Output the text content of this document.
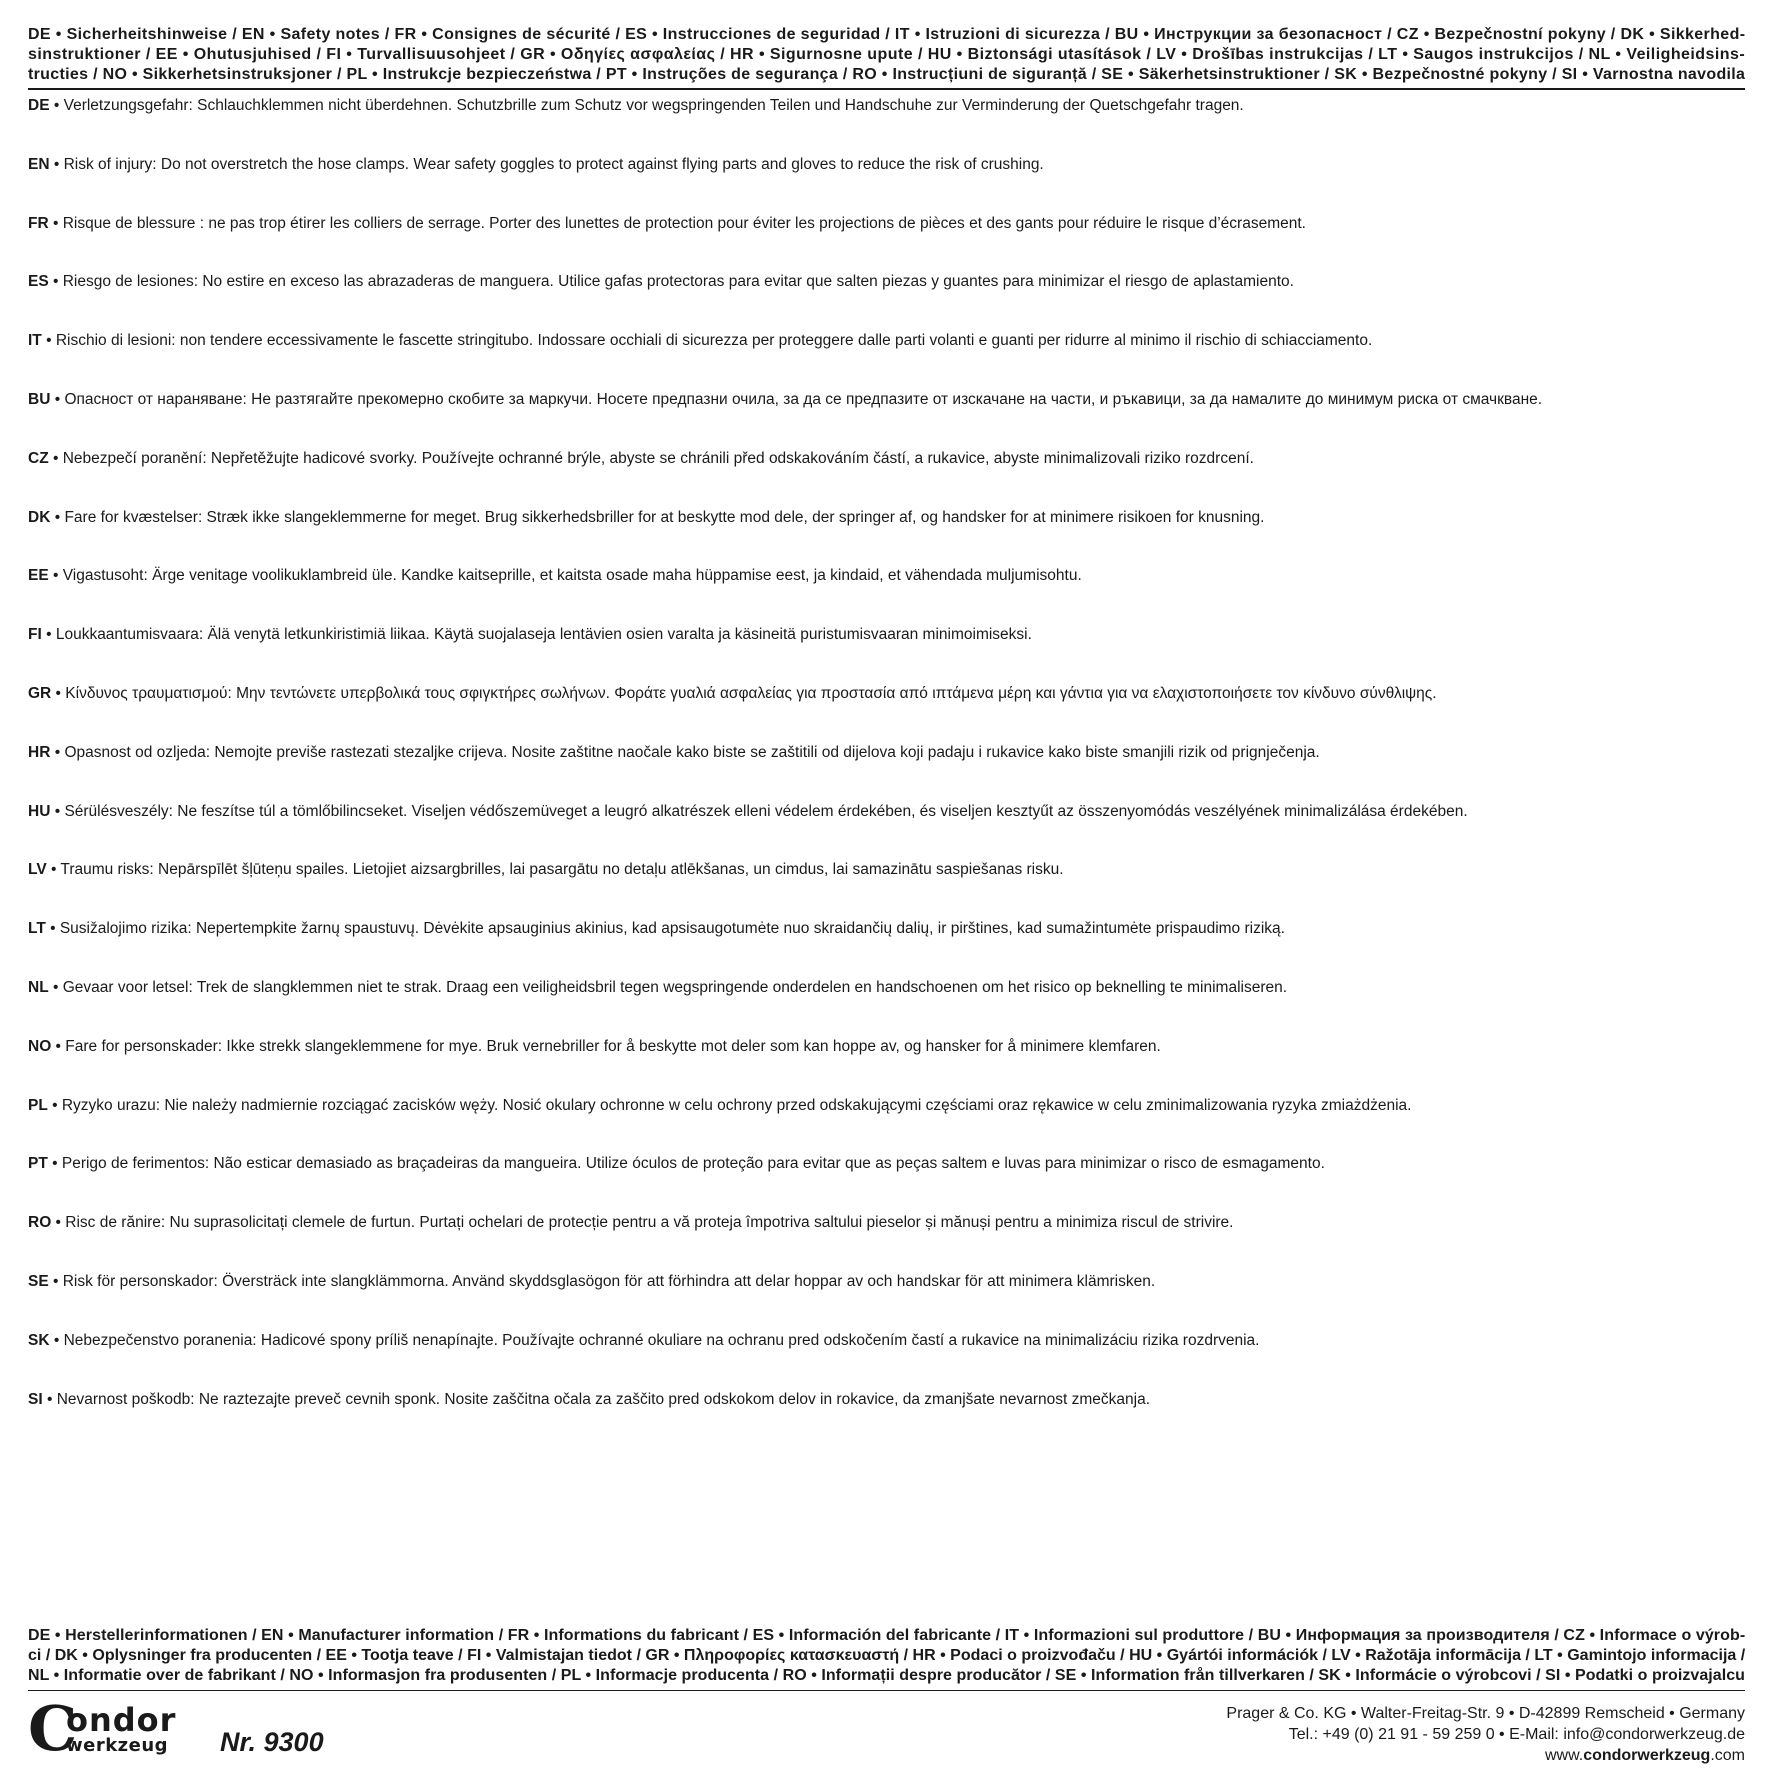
DE • Sicherheitshinweise / EN • Safety notes / FR • Consignes de sécurité / ES • Instrucciones de seguridad / IT • Istruzioni di sicurezza / BU • Инструкции за безопасност / CZ • Bezpečnostní pokyny / DK • Sikkerhed-
sinstruktioner / EE • Ohutusjuhised / FI • Turvallisuusohjeet / GR • Οδηγίες ασφαλείας / HR • Sigurnosne upute / HU • Biztonsági utasítások / LV • Drošības instrukcijas / LT • Saugos instrukcijos / NL • Veiligheidsins-
tructies / NO • Sikkerhetsinstruksjoner / PL • Instrukcje bezpieczeństwa / PT • Instruções de segurança / RO • Instrucțiuni de siguranță / SE • Säkerhetsinstruktioner / SK • Bezpečnostné pokyny / SI • Varnostna navodila
DE • Verletzungsgefahr: Schlauchklemmen nicht überdehnen. Schutzbrille zum Schutz vor wegspringenden Teilen und Handschuhe zur Verminderung der Quetschgefahr tragen.
EN • Risk of injury: Do not overstretch the hose clamps. Wear safety goggles to protect against flying parts and gloves to reduce the risk of crushing.
FR • Risque de blessure : ne pas trop étirer les colliers de serrage. Porter des lunettes de protection pour éviter les projections de pièces et des gants pour réduire le risque d’écrasement.
ES • Riesgo de lesiones: No estire en exceso las abrazaderas de manguera. Utilice gafas protectoras para evitar que salten piezas y guantes para minimizar el riesgo de aplastamiento.
IT • Rischio di lesioni: non tendere eccessivamente le fascette stringitubo. Indossare occhiali di sicurezza per proteggere dalle parti volanti e guanti per ridurre al minimo il rischio di schiacciamento.
BU • Опасност от нараняване: Не разтягайте прекомерно скобите за маркучи. Носете предпазни очила, за да се предпазите от изскачане на части, и ръкавици, за да намалите до минимум риска от смачкване.
CZ • Nebezpečí poranění: Nepřetěžujte hadicové svorky. Používejte ochranné brýle, abyste se chránili před odskakováním částí, a rukavice, abyste minimalizovali riziko rozdrcení.
DK • Fare for kvæstelser: Stræk ikke slangeklemmerne for meget. Brug sikkerhedsbriller for at beskytte mod dele, der springer af, og handsker for at minimere risikoen for knusning.
EE • Vigastusoht: Ärge venitage voolikuklambreid üle. Kandke kaitseprille, et kaitsta osade maha hüppamise eest, ja kindaid, et vähendada muljumisohtu.
FI • Loukkaantumisvaara: Älä venytä letkunkiristimiä liikaa. Käytä suojalaseja lentävien osien varalta ja käsineitä puristumisvaaran minimoimiseksi.
GR • Κίνδυνος τραυματισμού: Μην τεντώνετε υπερβολικά τους σφιγκτήρες σωλήνων. Φοράτε γυαλιά ασφαλείας για προστασία από ιπτάμενα μέρη και γάντια για να ελαχιστοποιήσετε τον κίνδυνο σύνθλιψης.
HR • Opasnost od ozljeda: Nemojte previše rastezati stezaljke crijeva. Nosite zaštitne naočale kako biste se zaštitili od dijelova koji padaju i rukavice kako biste smanjili rizik od prignječenja.
HU • Sérülésveszély: Ne feszítse túl a tömlőbilincseket. Viseljen védőszemüveget a leugró alkatrészek elleni védelem érdekében, és viseljen kesztyűt az összenyomódás veszélyének minimalizálása érdekében.
LV • Traumu risks: Nepārspīlēt šļūteņu spailes. Lietojiet aizsargbrilles, lai pasargātu no detaļu atlēkšanas, un cimdus, lai samazinātu saspiešanas risku.
LT • Susižalojimo rizika: Nepertempkite žarnų spaustuvų. Dėvėkite apsauginius akinius, kad apsisaugotumėte nuo skraidančių dalių, ir pirštines, kad sumažintumėte prispaudimo riziką.
NL • Gevaar voor letsel: Trek de slangklemmen niet te strak. Draag een veiligheidsbril tegen wegspringende onderdelen en handschoenen om het risico op beknelling te minimaliseren.
NO • Fare for personskader: Ikke strekk slangeklemmene for mye. Bruk vernebriller for å beskytte mot deler som kan hoppe av, og hansker for å minimere klemfaren.
PL • Ryzyko urazu: Nie należy nadmiernie rozciągać zacisków węży. Nosić okulary ochronne w celu ochrony przed odskakującymi częściami oraz rękawice w celu zminimalizowania ryzyka zmiażdżenia.
PT • Perigo de ferimentos: Não esticar demasiado as braçadeiras da mangueira. Utilize óculos de proteção para evitar que as peças saltem e luvas para minimizar o risco de esmagamento.
RO • Risc de rănire: Nu suprasolicitați clemele de furtun. Purtați ochelari de protecție pentru a vă proteja împotriva saltului pieselor și mănuși pentru a minimiza riscul de strivire.
SE • Risk för personskador: Översträck inte slangklämmorna. Använd skyddsglasögon för att förhindra att delar hoppar av och handskar för att minimera klämrisken.
SK • Nebezpečenstvo poranenia: Hadicové spony príliš nenapínajte. Používajte ochranné okuliare na ochranu pred odskočením častí a rukavice na minimalizáciu rizika rozdrvenia.
SI • Nevarnost poškodb: Ne raztezajte preveč cevnih sponk. Nosite zaščitna očala za zaščito pred odskokom delov in rokavice, da zmanjšate nevarnost zmečkanja.
DE • Herstellerinformationen / EN • Manufacturer information / FR • Informations du fabricant / ES • Información del fabricante / IT • Informazioni sul produttore / BU • Информация за производителя / CZ • Informace o výrob-
ci / DK • Oplysninger fra producenten / EE • Tootja teave / FI • Valmistajan tiedot / GR • Πληροφορίες κατασκευαστή / HR • Podaci o proizvođaču / HU • Gyártói információk / LV • Ražotāja informācija / LT • Gamintojo informacija /
NL • Informatie over de fabrikant / NO • Informasjon fra produsenten / PL • Informacje producenta / RO • Informații despre producător / SE • Information från tillverkaren / SK • Informácie o výrobcovi / SI • Podatki o proizvajalcu
C
ondor
werkzeug Nr. 9300
Prager & Co. KG • Walter-Freitag-Str. 9 • D-42899 Remscheid • Germany
Tel.: +49 (0) 21 91 - 59 259 0 • E-Mail: info@condorwerkzeug.de
www.condorwerkzeug.com
